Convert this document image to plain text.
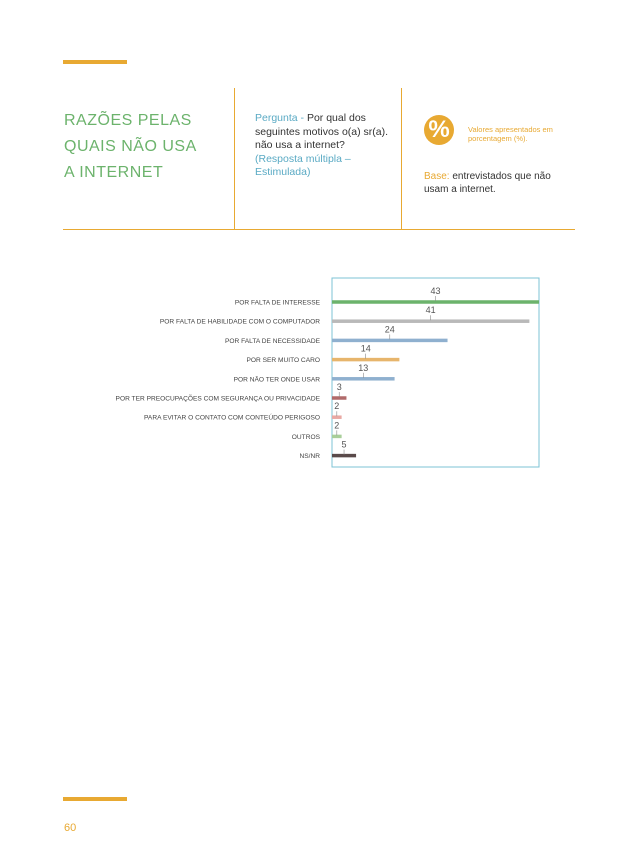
RAZÕES PELAS
QUAIS NÃO USA
A INTERNET
Pergunta - Por qual dos seguintes motivos o(a) sr(a). não usa a internet?
(Resposta múltipla – Estimulada)
%	Valores apresentados em porcentagem (%).
Base: entrevistados que não usam a internet.
43
POR FALTA DE INTERESSE
41
POR FALTA DE HABILIDADE COM O COMPUTADOR
24
POR FALTA DE NECESSIDADE
14
POR SER MUITO CARO
13
POR NÃO TER ONDE USAR
3
POR TER PREOCUPAÇÕES COM SEGURANÇA OU PRIVACIDADE
2
PARA EVITAR O CONTATO COM CONTEÚDO PERIGOSO
2
OUTROS
5
NS/NR
60
